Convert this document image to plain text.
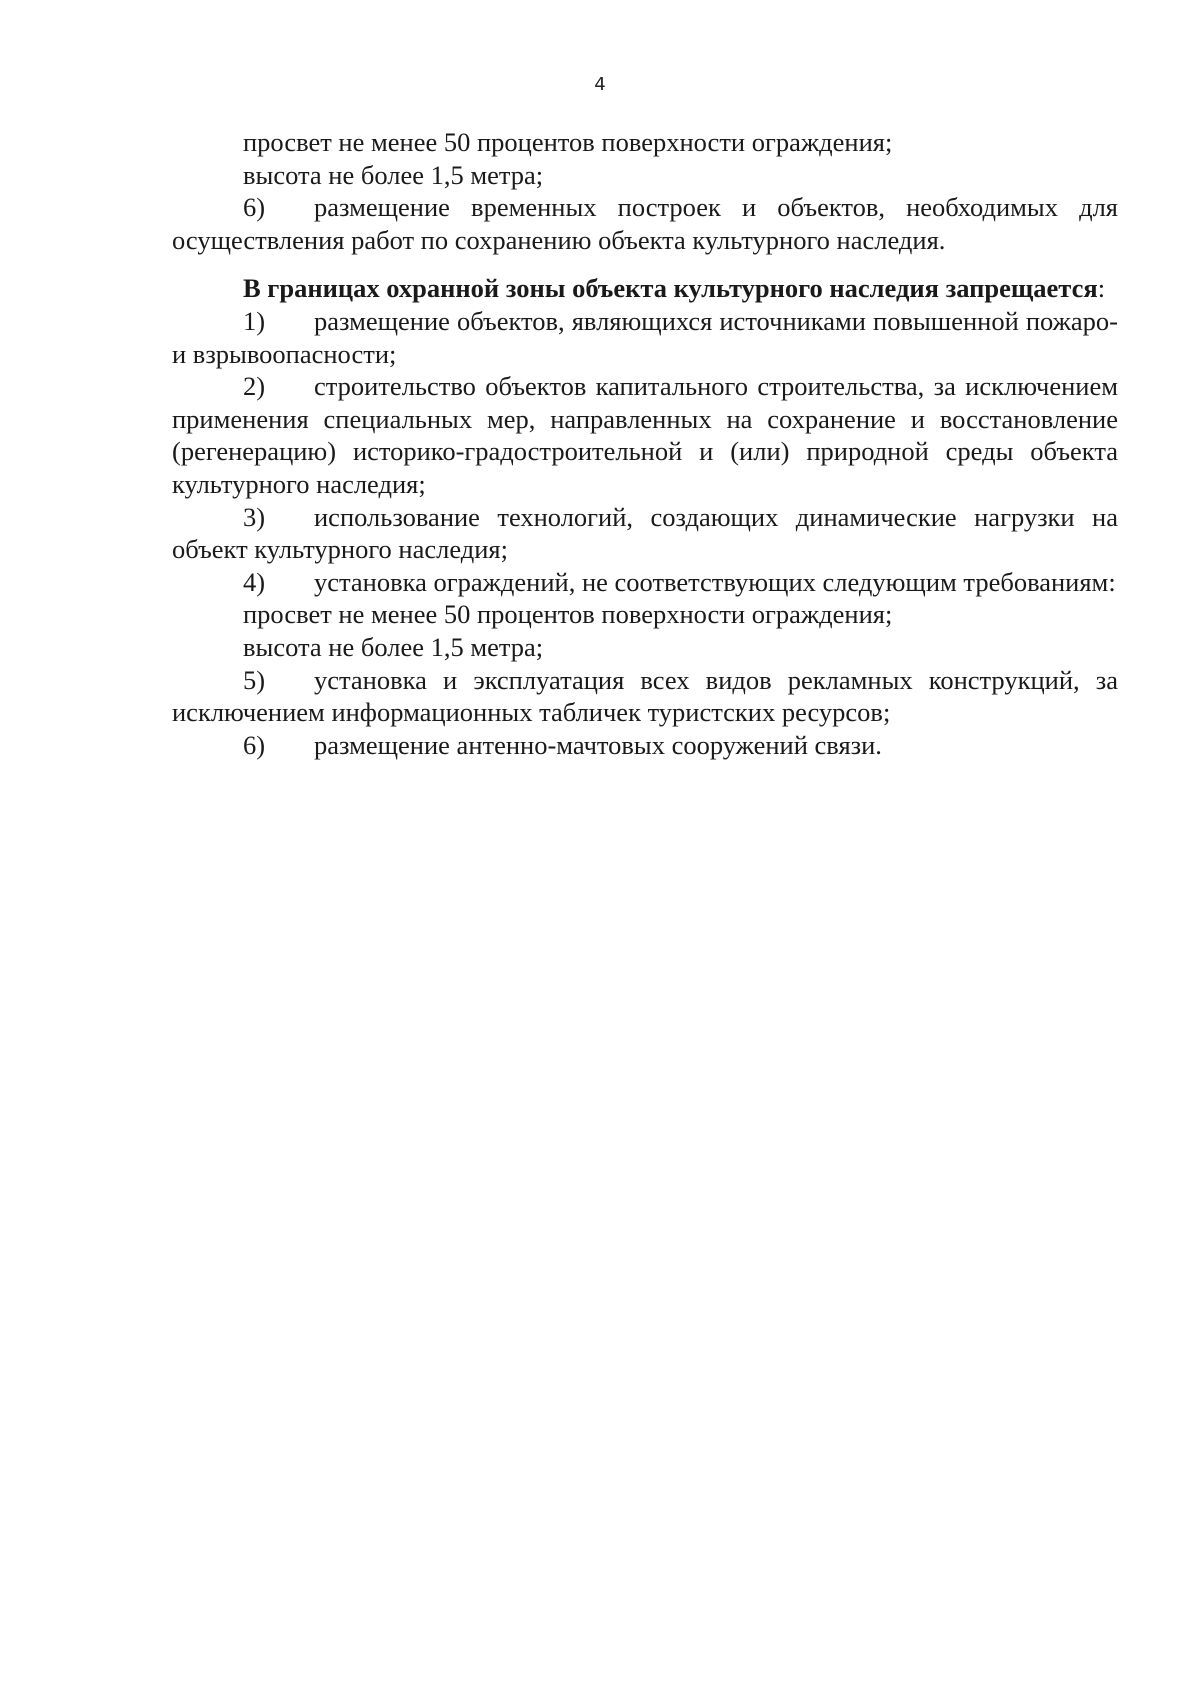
4

просвет не менее 50 процентов поверхности ограждения;

высота не более 1,5 метра;

6) размещение временных построек и объектов, необходимых для осуществления работ по сохранению объекта культурного наследия.

В границах охранной зоны объекта культурного наследия запрещается:

1) размещение объектов, являющихся источниками повышенной пожаро-и взрывоопасности;

2) строительство объектов капитального строительства, за исключением применения специальных мер, направленных на сохранение и восстановление (регенерацию) историко-градостроительной и (или) природной среды объекта культурного наследия;

3) использование технологий, создающих динамические нагрузки на объект культурного наследия;

4) установка ограждений, не соответствующих следующим требованиям:

просвет не менее 50 процентов поверхности ограждения;

высота не более 1,5 метра;

5) установка и эксплуатация всех видов рекламных конструкций, за исключением информационных табличек туристских ресурсов;

6) размещение антенно-мачтовых сооружений связи.
